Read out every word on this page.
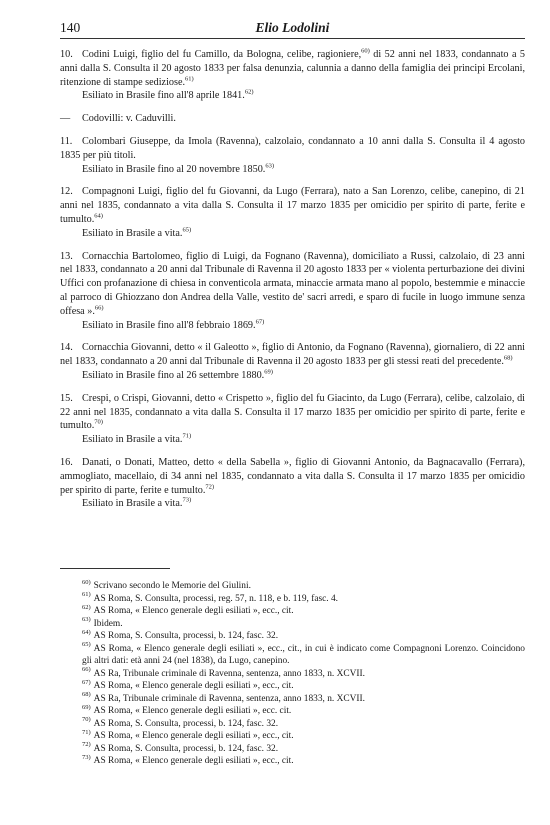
140	Elio Lodolini
10. Codini Luigi, figlio del fu Camillo, da Bologna, celibe, ragioniere,$^{60)}$ di 52 anni nel 1833, condannato a 5 anni dalla S. Consulta il 20 agosto 1833 per falsa denunzia, calunnia a danno della famiglia dei principi Ercolani, ritenzione di stampe sediziose.$^{61)}$
Esiliato in Brasile fino all'8 aprile 1841.$^{62)}$
— Codovilli: v. Caduvilli.
11. Colombari Giuseppe, da Imola (Ravenna), calzolaio, condannato a 10 anni dalla S. Consulta il 4 agosto 1835 per più titoli.
Esiliato in Brasile fino al 20 novembre 1850.$^{63)}$
12. Compagnoni Luigi, figlio del fu Giovanni, da Lugo (Ferrara), nato a San Lorenzo, celibe, canepino, di 21 anni nel 1835, condannato a vita dalla S. Consulta il 17 marzo 1835 per omicidio per spirito di parte, ferite e tumulto.$^{64)}$
Esiliato in Brasile a vita.$^{65)}$
13. Cornacchia Bartolomeo, figlio di Luigi, da Fognano (Ravenna), domiciliato a Russi, calzolaio, di 23 anni nel 1833, condannato a 20 anni dal Tribunale di Ravenna il 20 agosto 1833 per « violenta perturbazione dei divini Uffici con profanazione di chiesa in conventicola armata, minaccie armata mano al popolo, bestemmie e minaccie al parroco di Ghiozzano don Andrea della Valle, vestito de' sacri arredi, e sparo di fucile in luogo immune senza offesa ».$^{66)}$
Esiliato in Brasile fino all'8 febbraio 1869.$^{67)}$
14. Cornacchia Giovanni, detto « il Galeotto », figlio di Antonio, da Fognano (Ravenna), giornaliero, di 22 anni nel 1833, condannato a 20 anni dal Tribunale di Ravenna il 20 agosto 1833 per gli stessi reati del precedente.$^{68)}$
Esiliato in Brasile fino al 26 settembre 1880.$^{69)}$
15. Crespi, o Crispi, Giovanni, detto « Crispetto », figlio del fu Giacinto, da Lugo (Ferrara), celibe, calzolaio, di 22 anni nel 1835, condannato a vita dalla S. Consulta il 17 marzo 1835 per omicidio per spirito di parte, ferite e tumulto.$^{70)}$
Esiliato in Brasile a vita.$^{71)}$
16. Danati, o Donati, Matteo, detto « della Sabella », figlio di Giovanni Antonio, da Bagnacavallo (Ferrara), ammogliato, macellaio, di 34 anni nel 1835, condannato a vita dalla S. Consulta il 17 marzo 1835 per omicidio per spirito di parte, ferite e tumulto.$^{72)}$
Esiliato in Brasile a vita.$^{73)}$
$^{60)}$ Scrivano secondo le Memorie del Giulini.
$^{61)}$ AS Roma, S. Consulta, processi, reg. 57, n. 118, e b. 119, fasc. 4.
$^{62)}$ AS Roma, « Elenco generale degli esiliati », ecc., cit.
$^{63)}$ Ibidem.
$^{64)}$ AS Roma, S. Consulta, processi, b. 124, fasc. 32.
$^{65)}$ AS Roma, « Elenco generale degli esiliati », ecc., cit., in cui è indicato come Compagnoni Lorenzo. Coincidono gli altri dati: età anni 24 (nel 1838), da Lugo, canepino.
$^{66)}$ AS Ra, Tribunale criminale di Ravenna, sentenza, anno 1833, n. XCVII.
$^{67)}$ AS Roma, « Elenco generale degli esiliati », ecc., cit.
$^{68)}$ AS Ra, Tribunale criminale di Ravenna, sentenza, anno 1833, n. XCVII.
$^{69)}$ AS Roma, « Elenco generale degli esiliati », ecc. cit.
$^{70)}$ AS Roma, S. Consulta, processi, b. 124, fasc. 32.
$^{71)}$ AS Roma, « Elenco generale degli esiliati », ecc., cit.
$^{72)}$ AS Roma, S. Consulta, processi, b. 124, fasc. 32.
$^{73)}$ AS Roma, « Elenco generale degli esiliati », ecc., cit.
